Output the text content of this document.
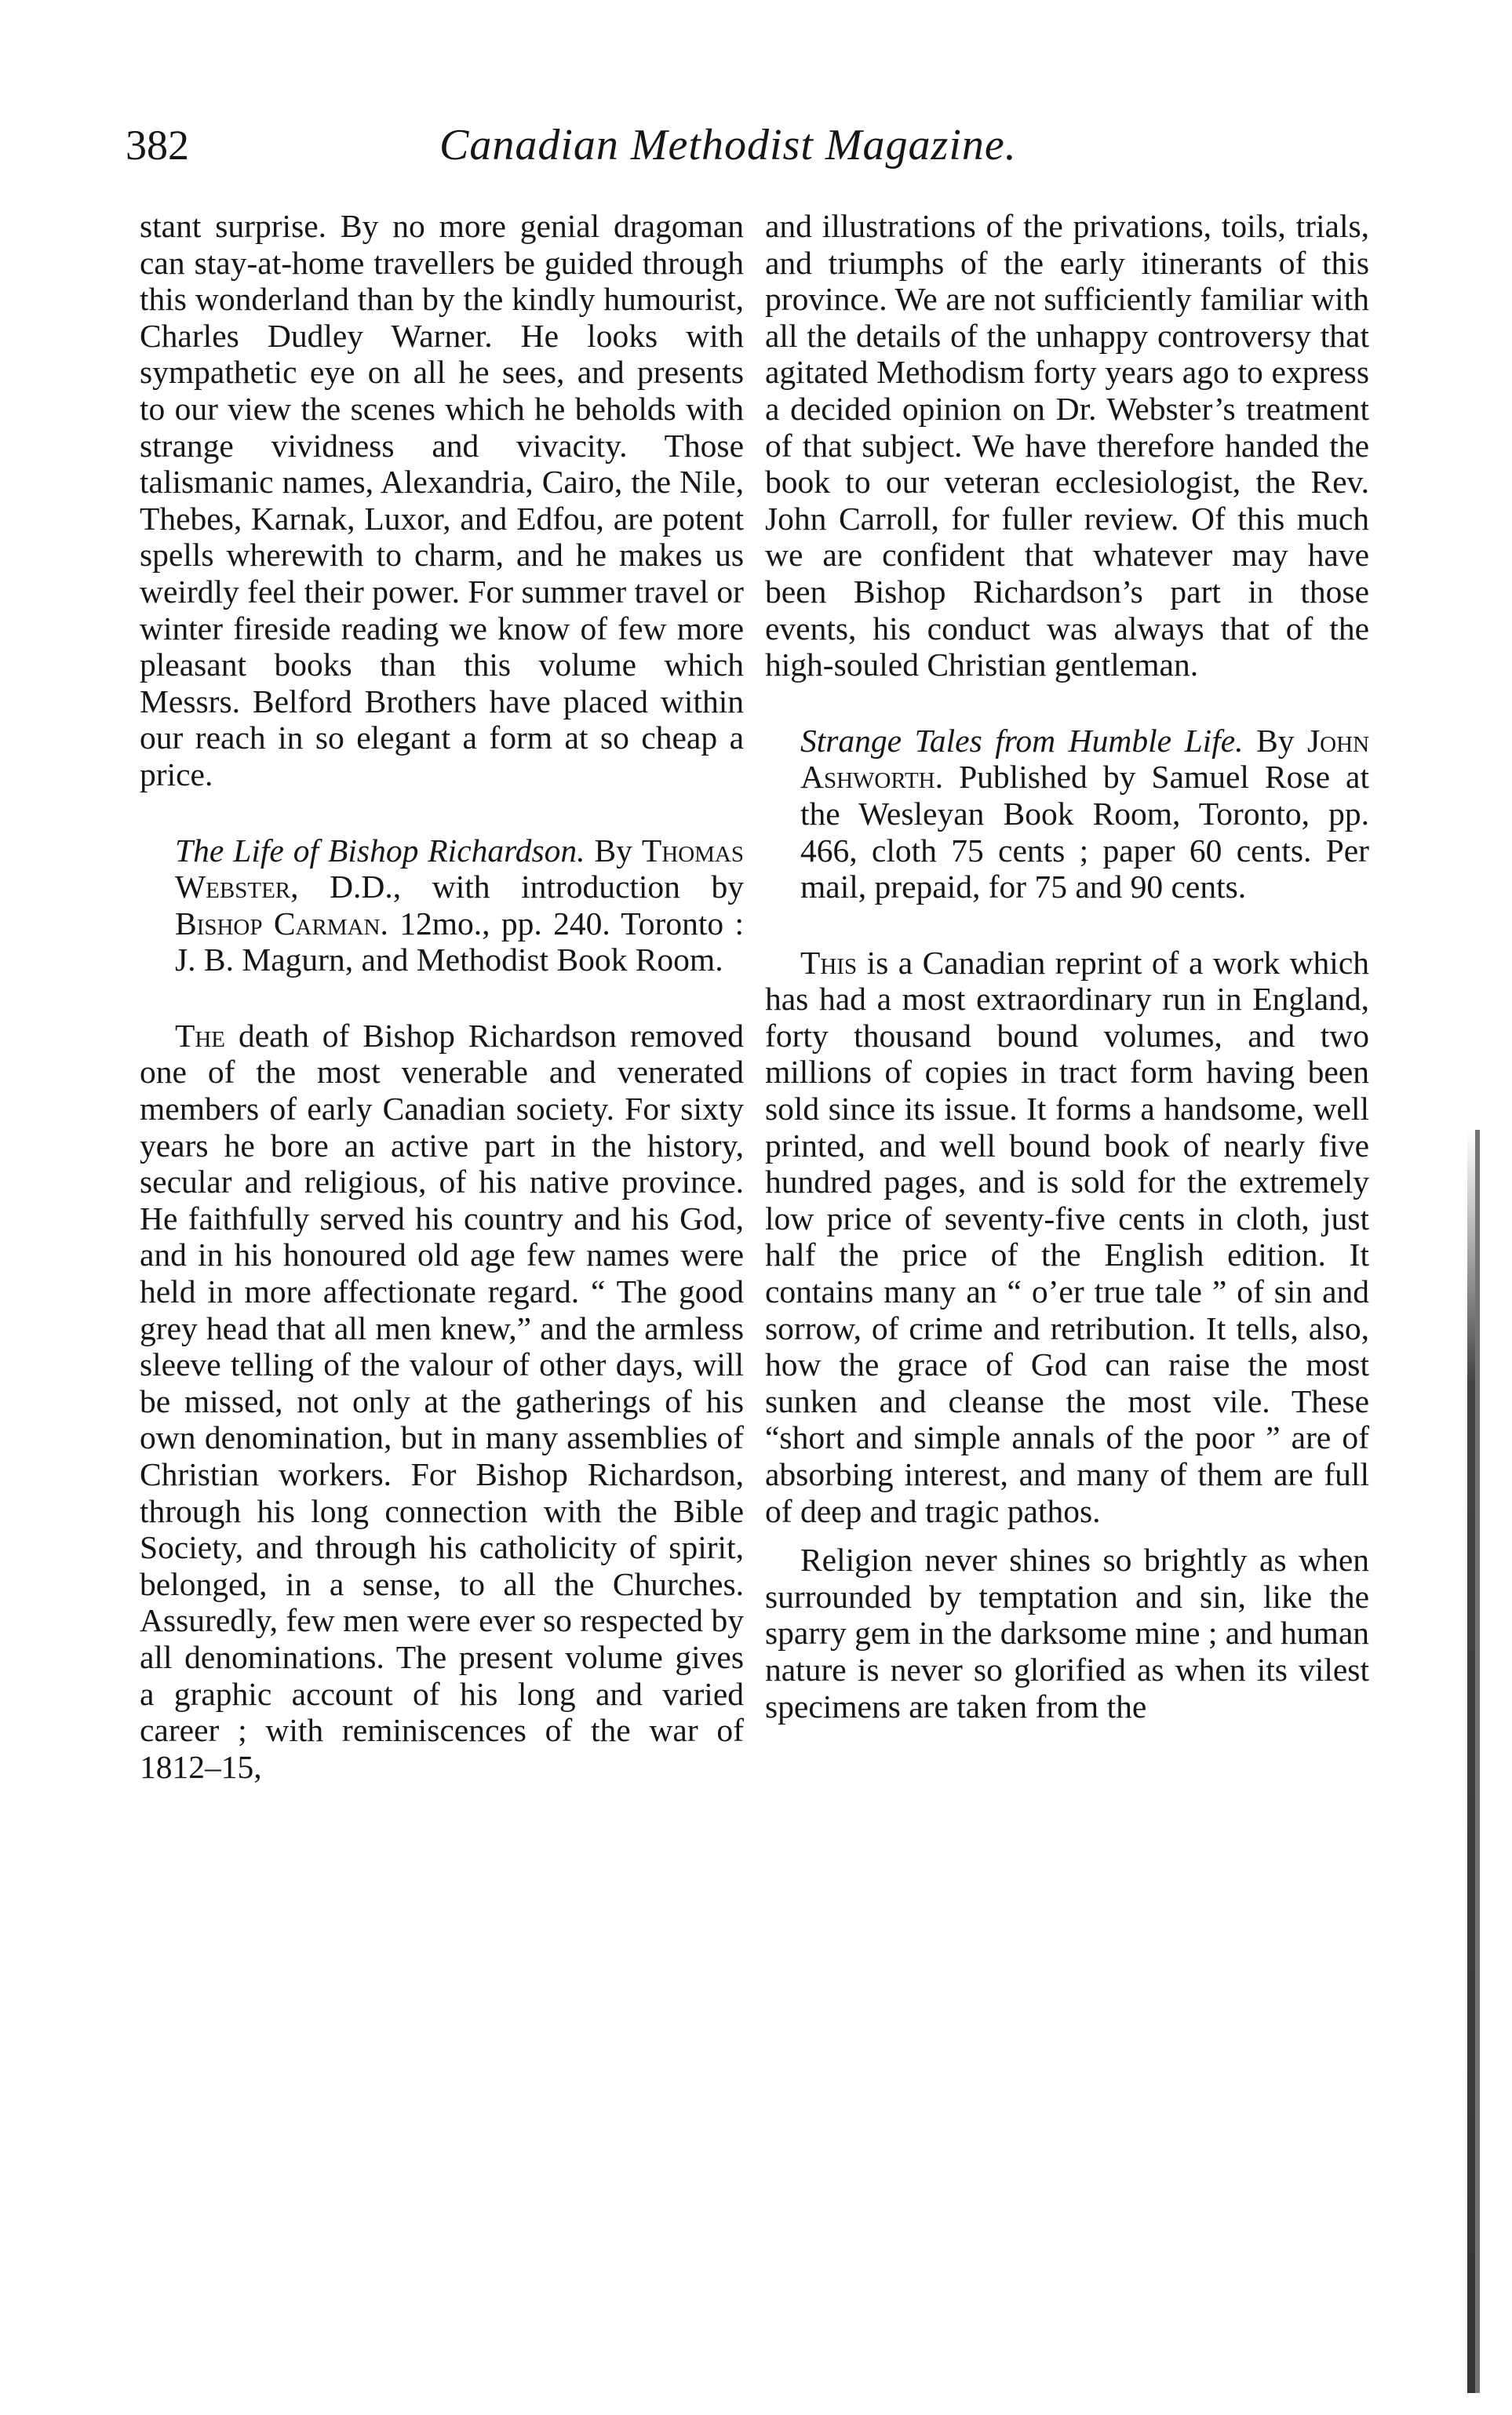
382	Canadian Methodist Magazine.

stant surprise. By no more genial dragoman can stay-at-home travellers be guided through this wonderland than by the kindly humourist, Charles Dudley Warner. He looks with sympathetic eye on all he sees, and presents to our view the scenes which he beholds with strange vividness and vivacity. Those talismanic names, Alexandria, Cairo, the Nile, Thebes, Karnak, Luxor, and Edfou, are potent spells wherewith to charm, and he makes us weirdly feel their power. For summer travel or winter fireside reading we know of few more pleasant books than this volume which Messrs. Belford Brothers have placed within our reach in so elegant a form at so cheap a price.

The Life of Bishop Richardson. By Thomas Webster, D.D., with introduction by Bishop Carman. 12mo., pp. 240. Toronto : J. B. Magurn, and Methodist Book Room.

The death of Bishop Richardson removed one of the most venerable and venerated members of early Canadian society. For sixty years he bore an active part in the history, secular and religious, of his native province. He faithfully served his country and his God, and in his honoured old age few names were held in more affectionate regard. “ The good grey head that all men knew,” and the armless sleeve telling of the valour of other days, will be missed, not only at the gatherings of his own denomination, but in many assemblies of Christian workers. For Bishop Richardson, through his long connection with the Bible Society, and through his catholicity of spirit, belonged, in a sense, to all the Churches. Assuredly, few men were ever so respected by all denominations. The present volume gives a graphic account of his long and varied career ; with reminiscences of the war of 1812–15,

and illustrations of the privations, toils, trials, and triumphs of the early itinerants of this province. We are not sufficiently familiar with all the details of the unhappy controversy that agitated Methodism forty years ago to express a decided opinion on Dr. Webster’s treatment of that subject. We have therefore handed the book to our veteran ecclesiologist, the Rev. John Carroll, for fuller review. Of this much we are confident that whatever may have been Bishop Richardson’s part in those events, his conduct was always that of the high-souled Christian gentleman.

Strange Tales from Humble Life. By John Ashworth. Published by Samuel Rose at the Wesleyan Book Room, Toronto, pp. 466, cloth 75 cents ; paper 60 cents. Per mail, prepaid, for 75 and 90 cents.

This is a Canadian reprint of a work which has had a most extraordinary run in England, forty thousand bound volumes, and two millions of copies in tract form having been sold since its issue. It forms a handsome, well printed, and well bound book of nearly five hundred pages, and is sold for the extremely low price of seventy-five cents in cloth, just half the price of the English edition. It contains many an “ o’er true tale ” of sin and sorrow, of crime and retribution. It tells, also, how the grace of God can raise the most sunken and cleanse the most vile. These “short and simple annals of the poor ” are of absorbing interest, and many of them are full of deep and tragic pathos.

Religion never shines so brightly as when surrounded by temptation and sin, like the sparry gem in the darksome mine ; and human nature is never so glorified as when its vilest specimens are taken from the
